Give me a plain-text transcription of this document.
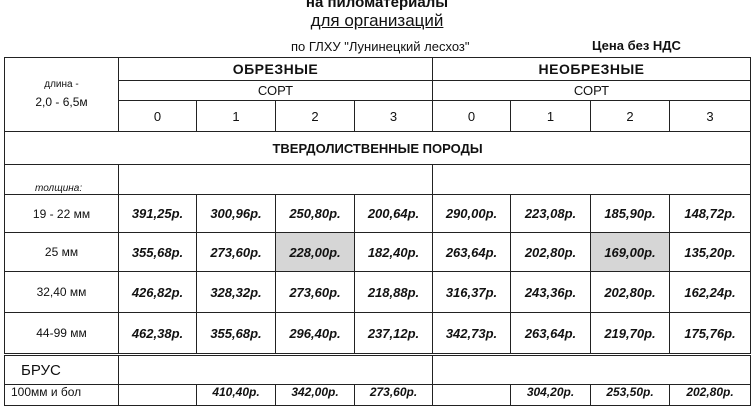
на пиломатериалы
для организаций
по ГЛХУ "Лунинецкий лесхоз"	Цена без НДС
длина -
2,0 - 6,5м	ОБРЕЗНЫЕ				НЕОБРЕЗНЫЕ			
	СОРТ				СОРТ			
	0	1	2	3	0	1	2	3
ТВЕРДОЛИСТВЕННЫЕ ПОРОДЫ								
толщина:								
19 - 22 мм	391,25р.	300,96р.	250,80р.	200,64р.	290,00р.	223,08р.	185,90р.	148,72р.
25 мм	355,68р.	273,60р.	228,00р.	182,40р.	263,64р.	202,80р.	169,00р.	135,20р.
32,40 мм	426,82р.	328,32р.	273,60р.	218,88р.	316,37р.	243,36р.	202,80р.	162,24р.
44-99 мм	462,38р.	355,68р.	296,40р.	237,12р.	342,73р.	263,64р.	219,70р.	175,76р.
БРУС								
100мм и бол		410,40р.	342,00р.	273,60р.		304,20р.	253,50р.	202,80р.
